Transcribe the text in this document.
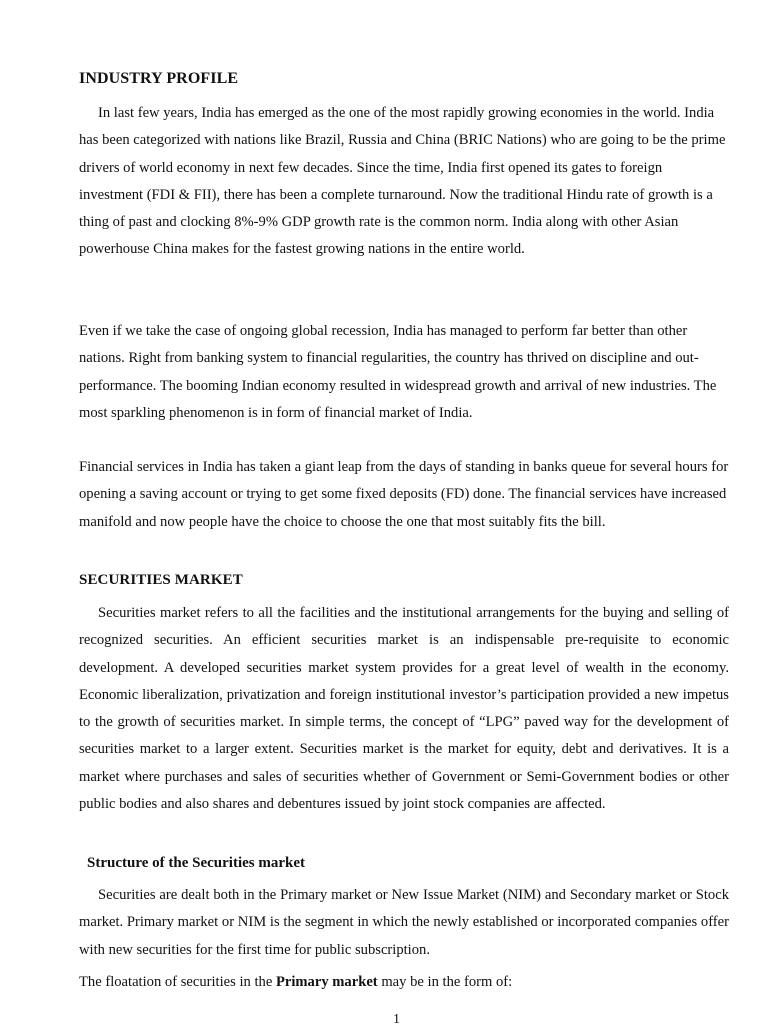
INDUSTRY PROFILE

In last few years, India has emerged as the one of the most rapidly growing economies in the world. India has been categorized with nations like Brazil, Russia and China (BRIC Nations) who are going to be the prime drivers of world economy in next few decades. Since the time, India first opened its gates to foreign investment (FDI & FII), there has been a complete turnaround. Now the traditional Hindu rate of growth is a thing of past and clocking 8%-9% GDP growth rate is the common norm. India along with other Asian powerhouse China makes for the fastest growing nations in the entire world.

Even if we take the case of ongoing global recession, India has managed to perform far better than other nations. Right from banking system to financial regularities, the country has thrived on discipline and out-performance. The booming Indian economy resulted in widespread growth and arrival of new industries. The most sparkling phenomenon is in form of financial market of India.

Financial services in India has taken a giant leap from the days of standing in banks queue for several hours for opening a saving account or trying to get some fixed deposits (FD) done. The financial services have increased manifold and now people have the choice to choose the one that most suitably fits the bill.

SECURITIES MARKET

Securities market refers to all the facilities and the institutional arrangements for the buying and selling of recognized securities. An efficient securities market is an indispensable pre-requisite to economic development. A developed securities market system provides for a great level of wealth in the economy. Economic liberalization, privatization and foreign institutional investor’s participation provided a new impetus to the growth of securities market. In simple terms, the concept of “LPG” paved way for the development of securities market to a larger extent. Securities market is the market for equity, debt and derivatives. It is a market where purchases and sales of securities whether of Government or Semi-Government bodies or other public bodies and also shares and debentures issued by joint stock companies are affected.

Structure of the Securities market

Securities are dealt both in the Primary market or New Issue Market (NIM) and Secondary market or Stock market. Primary market or NIM is the segment in which the newly established or incorporated companies offer with new securities for the first time for public subscription.

The floatation of securities in the Primary market may be in the form of:

1
